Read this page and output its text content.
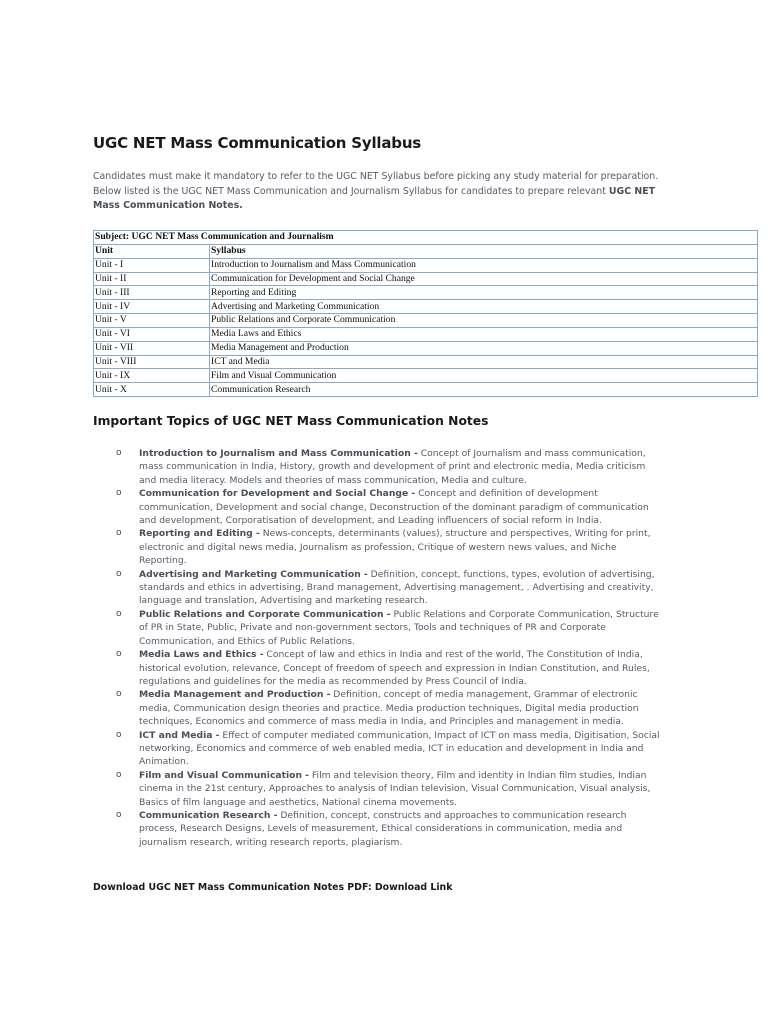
UGC NET Mass Communication Syllabus

Candidates must make it mandatory to refer to the UGC NET Syllabus before picking any study material for preparation. Below listed is the UGC NET Mass Communication and Journalism Syllabus for candidates to prepare relevant UGC NET Mass Communication Notes.

Subject: UGC NET Mass Communication and Journalism	
Unit	Syllabus
Unit - I	Introduction to Journalism and Mass Communication
Unit - II	Communication for Development and Social Change
Unit - III	Reporting and Editing
Unit - IV	Advertising and Marketing Communication
Unit - V	Public Relations and Corporate Communication
Unit - VI	Media Laws and Ethics
Unit - VII	Media Management and Production
Unit - VIII	ICT and Media
Unit - IX	Film and Visual Communication
Unit - X	Communication Research
Important Topics of UGC NET Mass Communication Notes
o Introduction to Journalism and Mass Communication - Concept of Journalism and mass communication, mass communication in India, History, growth and development of print and electronic media, Media criticism and media literacy. Models and theories of mass communication, Media and culture.
o Communication for Development and Social Change - Concept and definition of development communication, Development and social change, Deconstruction of the dominant paradigm of communication and development, Corporatisation of development, and Leading influencers of social reform in India.
o Reporting and Editing - News-concepts, determinants (values), structure and perspectives, Writing for print, electronic and digital news media, Journalism as profession, Critique of western news values, and Niche Reporting.
o Advertising and Marketing Communication - Definition, concept, functions, types, evolution of advertising, standards and ethics in advertising, Brand management, Advertising management, . Advertising and creativity, language and translation, Advertising and marketing research.
o Public Relations and Corporate Communication - Public Relations and Corporate Communication, Structure of PR in State, Public, Private and non-government sectors, Tools and techniques of PR and Corporate Communication, and Ethics of Public Relations.
o Media Laws and Ethics - Concept of law and ethics in India and rest of the world, The Constitution of India, historical evolution, relevance, Concept of freedom of speech and expression in Indian Constitution, and Rules, regulations and guidelines for the media as recommended by Press Council of India.
o Media Management and Production - Definition, concept of media management, Grammar of electronic media, Communication design theories and practice. Media production techniques, Digital media production techniques, Economics and commerce of mass media in India, and Principles and management in media.
o ICT and Media - Effect of computer mediated communication, Impact of ICT on mass media, Digitisation, Social networking, Economics and commerce of web enabled media, ICT in education and development in India and Animation.
o Film and Visual Communication - Film and television theory, Film and identity in Indian film studies, Indian cinema in the 21st century, Approaches to analysis of Indian television, Visual Communication, Visual analysis, Basics of film language and aesthetics, National cinema movements.
o Communication Research - Definition, concept, constructs and approaches to communication research process, Research Designs, Levels of measurement, Ethical considerations in communication, media and journalism research, writing research reports, plagiarism.

Download UGC NET Mass Communication Notes PDF: Download Link
